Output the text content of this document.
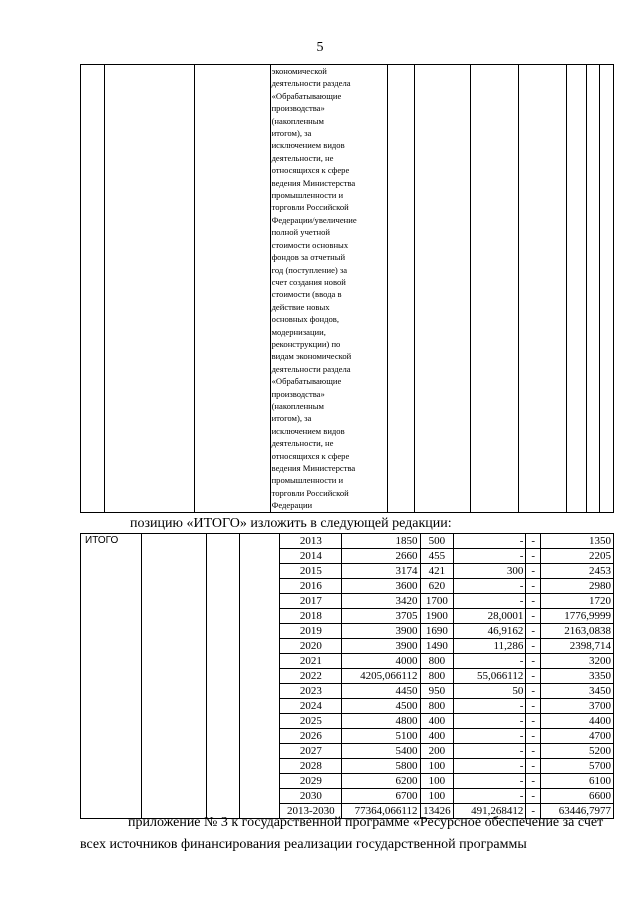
5
			экономической
деятельности раздела
«Обрабатывающие
производства»
(накопленным
итогом), за
исключением видов
деятельности, не
относящихся к сфере
ведения Министерства
промышленности и
торговли Российской
Федерации/увеличение
полной учетной
стоимости основных
фондов за отчетный
год (поступление) за
счет создания новой
стоимости (ввода в
действие новых
основных фондов,
модернизации,
реконструкции) по
видам экономической
деятельности раздела
«Обрабатывающие
производства»
(накопленным
итогом), за
исключением видов
деятельности, не
относящихся к сфере
ведения Министерства
промышленности и
торговли Российской
Федерации							
позицию «ИТОГО» изложить в следующей редакции:
ИТОГО				2013	1850	500	-	-	1350
				2014	2660	455	-	-	2205
				2015	3174	421	300	-	2453
				2016	3600	620	-	-	2980
				2017	3420	1700	-	-	1720
				2018	3705	1900	28,0001	-	1776,9999
				2019	3900	1690	46,9162	-	2163,0838
				2020	3900	1490	11,286	-	2398,714
				2021	4000	800	-	-	3200
				2022	4205,066112	800	55,066112	-	3350
				2023	4450	950	50	-	3450
				2024	4500	800	-	-	3700
				2025	4800	400	-	-	4400
				2026	5100	400	-	-	4700
				2027	5400	200	-	-	5200
				2028	5800	100	-	-	5700
				2029	6200	100	-	-	6100
				2030	6700	100	-	-	6600
				2013-2030	77364,066112	13426	491,268412	-	63446,7977
приложение № 3 к государственной программе «Ресурсное обеспечение за счет всех источников финансирования реализации государственной программы
